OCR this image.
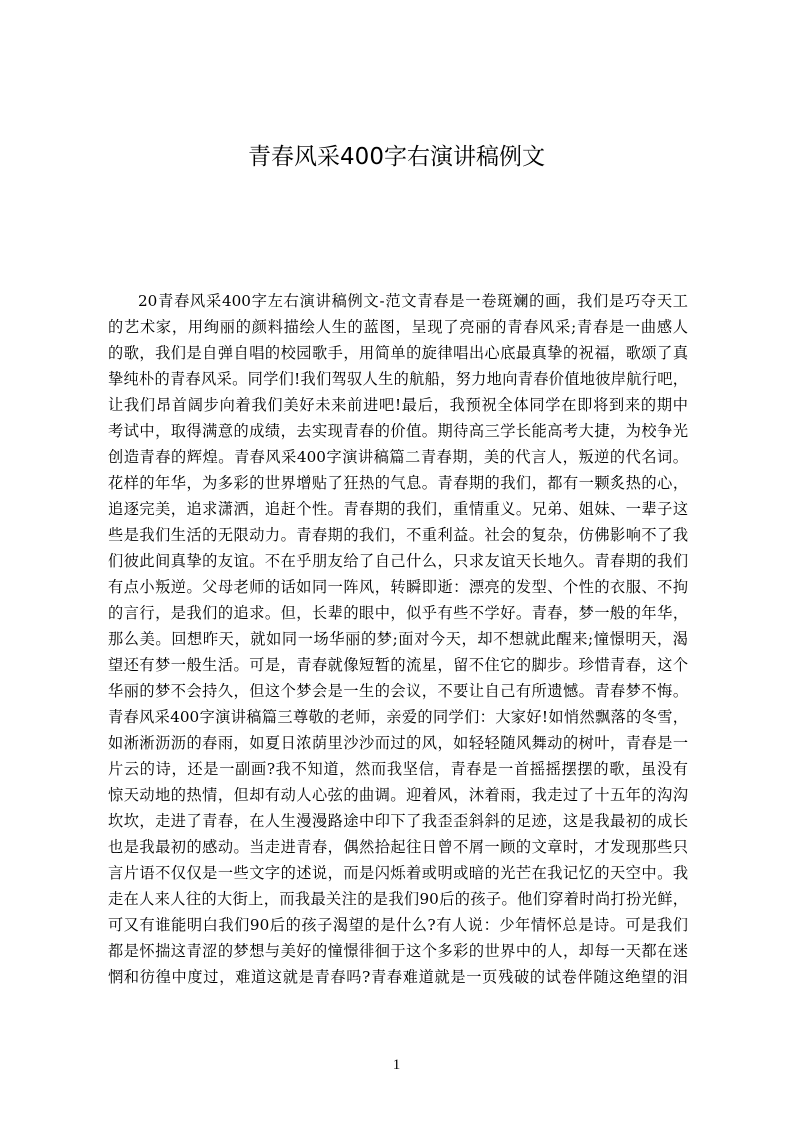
青春风采400字右演讲稿例文
20青春风采400字左右演讲稿例文-范文青春是一卷斑斓的画，我们是巧夺天工
的艺术家，用绚丽的颜料描绘人生的蓝图，呈现了亮丽的青春风采;青春是一曲感人
的歌，我们是自弹自唱的校园歌手，用简单的旋律唱出心底最真挚的祝福，歌颂了真
挚纯朴的青春风采。同学们!我们驾驭人生的航船，努力地向青春价值地彼岸航行吧，
让我们昂首阔步向着我们美好未来前进吧!最后，我预祝全体同学在即将到来的期中
考试中，取得满意的成绩，去实现青春的价值。期待高三学长能高考大捷，为校争光
创造青春的辉煌。青春风采400字演讲稿篇二青春期，美的代言人，叛逆的代名词。
花样的年华，为多彩的世界增贴了狂热的气息。青春期的我们，都有一颗炙热的心，
追逐完美，追求潇洒，追赶个性。青春期的我们，重情重义。兄弟、姐妹、一辈子这
些是我们生活的无限动力。青春期的我们，不重利益。社会的复杂，仿佛影响不了我
们彼此间真挚的友谊。不在乎朋友给了自己什么，只求友谊天长地久。青春期的我们
有点小叛逆。父母老师的话如同一阵风，转瞬即逝：漂亮的发型、个性的衣服、不拘
的言行，是我们的追求。但，长辈的眼中，似乎有些不学好。青春，梦一般的年华，
那么美。回想昨天，就如同一场华丽的梦;面对今天，却不想就此醒来;憧憬明天，渴
望还有梦一般生活。可是，青春就像短暂的流星，留不住它的脚步。珍惜青春，这个
华丽的梦不会持久，但这个梦会是一生的会议，不要让自己有所遗憾。青春梦不悔。
青春风采400字演讲稿篇三尊敬的老师，亲爱的同学们：大家好!如悄然飘落的冬雪，
如淅淅沥沥的春雨，如夏日浓荫里沙沙而过的风，如轻轻随风舞动的树叶，青春是一
片云的诗，还是一副画?我不知道，然而我坚信，青春是一首摇摇摆摆的歌，虽没有
惊天动地的热情，但却有动人心弦的曲调。迎着风，沐着雨，我走过了十五年的沟沟
坎坎，走进了青春，在人生漫漫路途中印下了我歪歪斜斜的足迹，这是我最初的成长
也是我最初的感动。当走进青春，偶然拾起往日曾不屑一顾的文章时，才发现那些只
言片语不仅仅是一些文字的述说，而是闪烁着或明或暗的光芒在我记忆的天空中。我
走在人来人往的大街上，而我最关注的是我们90后的孩子。他们穿着时尚打扮光鲜，
可又有谁能明白我们90后的孩子渴望的是什么?有人说：少年情怀总是诗。可是我们
都是怀揣这青涩的梦想与美好的憧憬徘徊于这个多彩的世界中的人，却每一天都在迷
惘和彷徨中度过，难道这就是青春吗?青春难道就是一页残破的试卷伴随这绝望的泪
1
